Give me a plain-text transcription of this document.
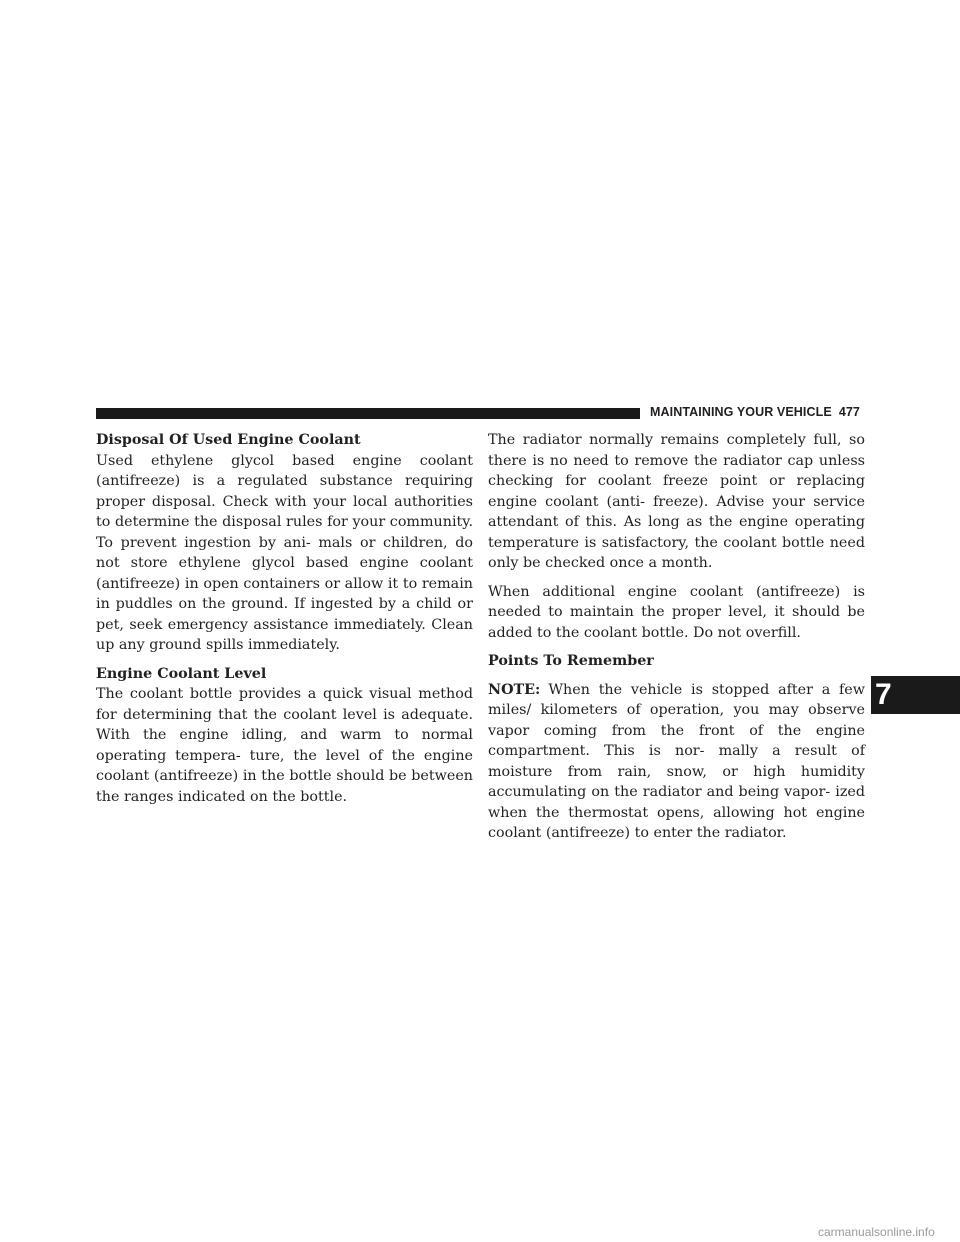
MAINTAINING YOUR VEHICLE 477

Disposal Of Used Engine Coolant

Used ethylene glycol based engine coolant (antifreeze) is a regulated substance requiring proper disposal. Check with your local authorities to determine the disposal rules for your community. To prevent ingestion by ani- mals or children, do not store ethylene glycol based engine coolant (antifreeze) in open containers or allow it to remain in puddles on the ground. If ingested by a child or pet, seek emergency assistance immediately. Clean up any ground spills immediately.

Engine Coolant Level

The coolant bottle provides a quick visual method for determining that the coolant level is adequate. With the engine idling, and warm to normal operating tempera- ture, the level of the engine coolant (antifreeze) in the bottle should be between the ranges indicated on the bottle.

The radiator normally remains completely full, so there is no need to remove the radiator cap unless checking for coolant freeze point or replacing engine coolant (anti- freeze). Advise your service attendant of this. As long as the engine operating temperature is satisfactory, the coolant bottle need only be checked once a month.

When additional engine coolant (antifreeze) is needed to maintain the proper level, it should be added to the coolant bottle. Do not overfill.

Points To Remember

NOTE: When the vehicle is stopped after a few miles/ kilometers of operation, you may observe vapor coming from the front of the engine compartment. This is nor- mally a result of moisture from rain, snow, or high humidity accumulating on the radiator and being vapor- ized when the thermostat opens, allowing hot engine coolant (antifreeze) to enter the radiator.

7
carmanualsonline.info
